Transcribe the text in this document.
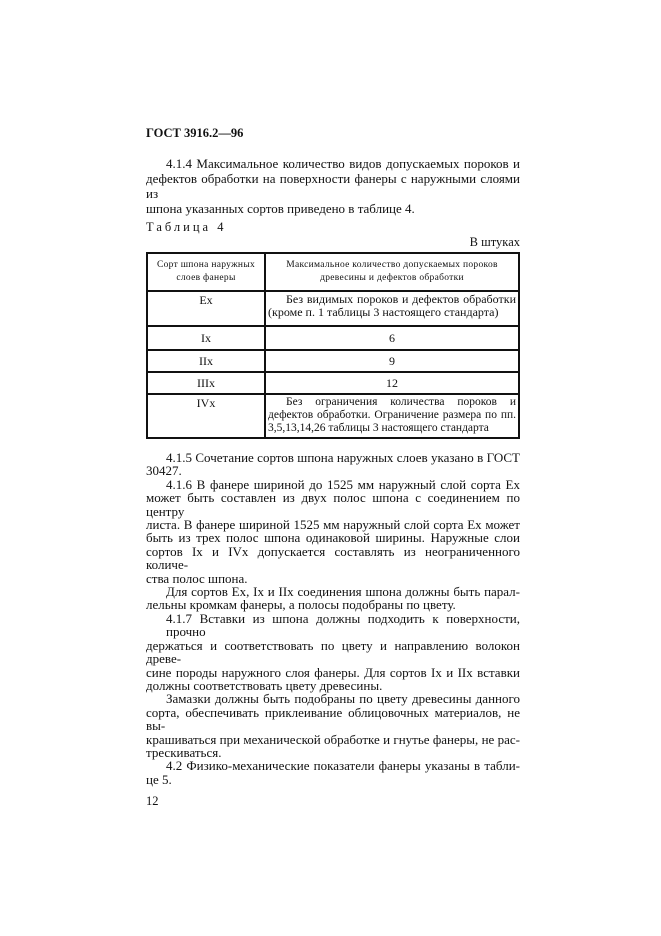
ГОСТ 3916.2—96
4.1.4 Максимальное количество видов допускаемых пороков и
дефектов обработки на поверхности фанеры с наружными слоями из
шпона указанных сортов приведено в таблице 4.
Таблица 4
В штуках
Сорт шпона наружных слоев фанеры	Максимальное количество допускаемых пороков древесины и дефектов обработки
Ex	Без видимых пороков и дефектов обработки (кроме п. 1 таблицы 3 настоящего стандарта)
Ix	6
IIx	9
IIIx	12
IVx	Без ограничения количества пороков и дефектов обработки. Ограничение размера по пп. 3,5,13,14,26 таблицы 3 настоящего стандарта
4.1.5 Сочетание сортов шпона наружных слоев указано в ГОСТ
30427.
4.1.6 В фанере шириной до 1525 мм наружный слой сорта Ex
может быть составлен из двух полос шпона с соединением по центру
листа. В фанере шириной 1525 мм наружный слой сорта Ex может
быть из трех полос шпона одинаковой ширины. Наружные слои
сортов Ix и IVx допускается составлять из неограниченного количе-
ства полос шпона.
Для сортов Ex, Ix и IIx соединения шпона должны быть парал-
лельны кромкам фанеры, а полосы подобраны по цвету.
4.1.7 Вставки из шпона должны подходить к поверхности, прочно
держаться и соответствовать по цвету и направлению волокон древе-
сине породы наружного слоя фанеры. Для сортов Ix и IIx вставки
должны соответствовать цвету древесины.
Замазки должны быть подобраны по цвету древесины данного
сорта, обеспечивать приклеивание облицовочных материалов, не вы-
крашиваться при механической обработке и гнутье фанеры, не рас-
трескиваться.
4.2 Физико-механические показатели фанеры указаны в табли-
це 5.
12
